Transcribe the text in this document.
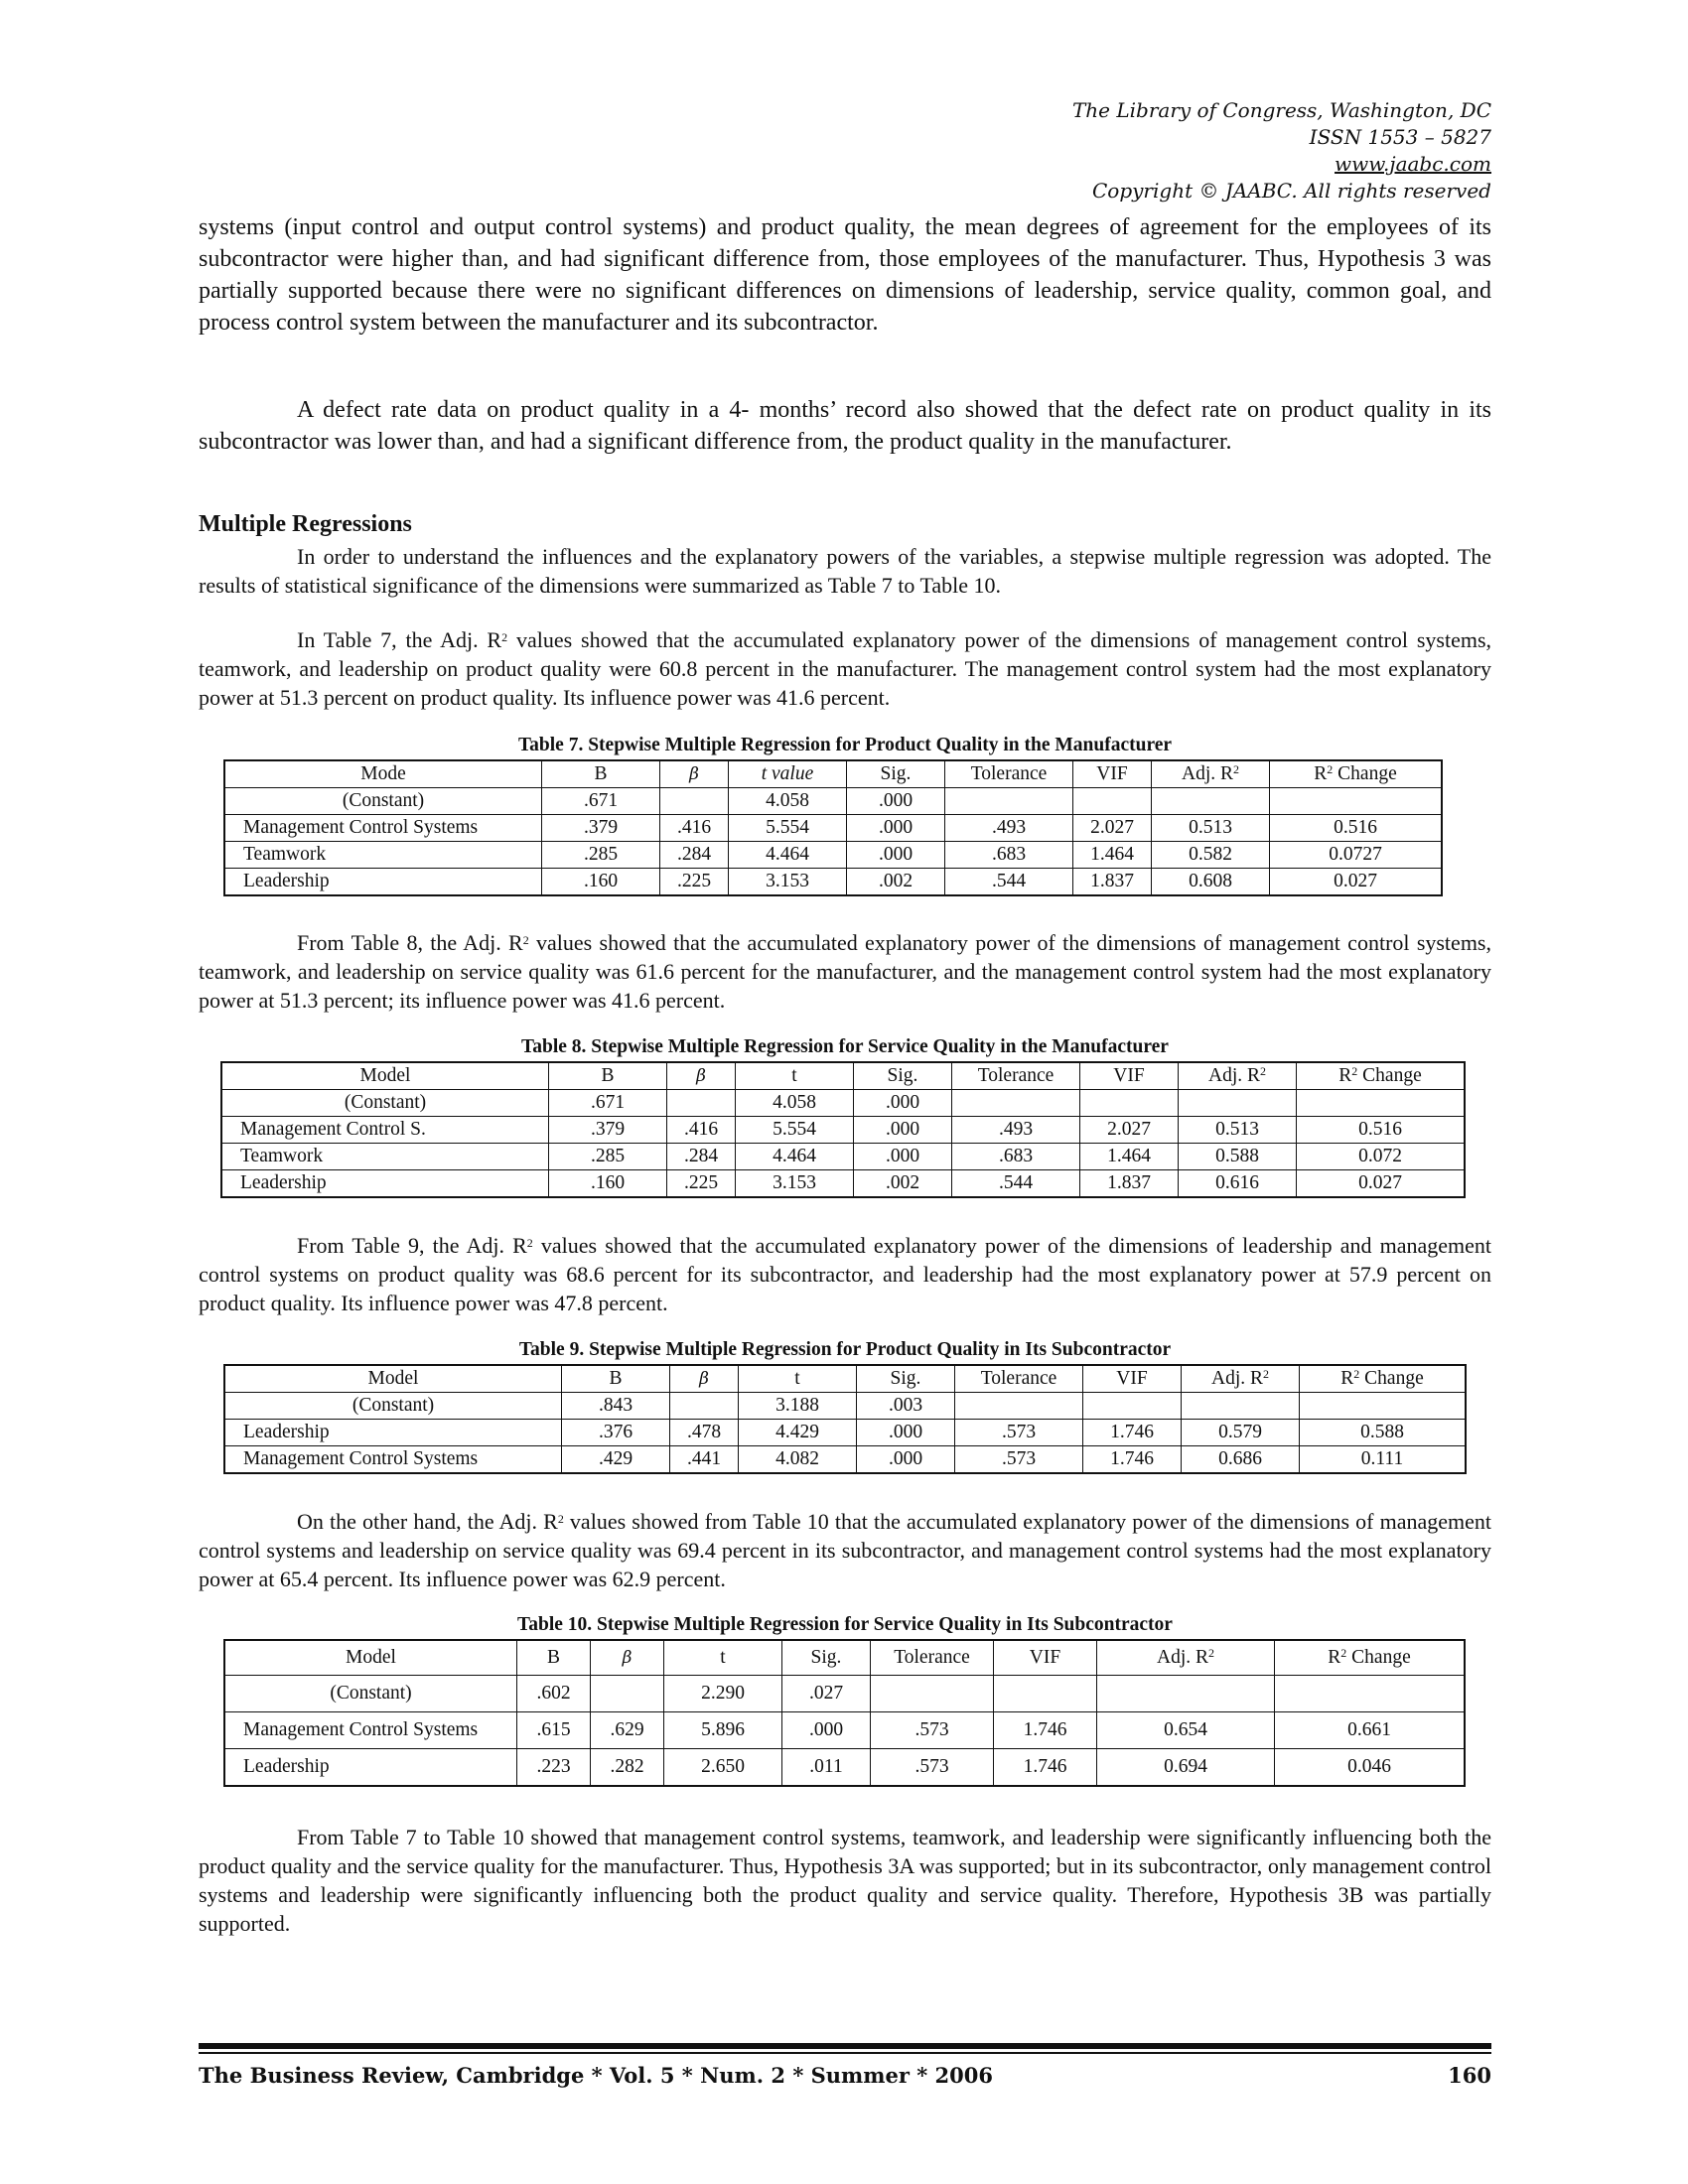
The Library of Congress, Washington, DC
ISSN 1553 – 5827
www.jaabc.com
Copyright © JAABC. All rights reserved
systems (input control and output control systems) and product quality, the mean degrees of agreement for the employees of its subcontractor were higher than, and had significant difference from, those employees of the manufacturer. Thus, Hypothesis 3 was partially supported because there were no significant differences on dimensions of leadership, service quality, common goal, and process control system between the manufacturer and its subcontractor.
A defect rate data on product quality in a 4- months’ record also showed that the defect rate on product quality in its subcontractor was lower than, and had a significant difference from, the product quality in the manufacturer.
Multiple Regressions
In order to understand the influences and the explanatory powers of the variables, a stepwise multiple regression was adopted. The results of statistical significance of the dimensions were summarized as Table 7 to Table 10.
In Table 7, the Adj. $R^2$ values showed that the accumulated explanatory power of the dimensions of management control systems, teamwork, and leadership on product quality were 60.8 percent in the manufacturer. The management control system had the most explanatory power at 51.3 percent on product quality. Its influence power was 41.6 percent.
Table 7. Stepwise Multiple Regression for Product Quality in the Manufacturer
Mode	B	β	t value	Sig.	Tolerance	VIF	Adj. $R^2$	$R^2$ Change
(Constant)	.671		4.058	.000				
Management Control Systems	.379	.416	5.554	.000	.493	2.027	0.513	0.516
Teamwork	.285	.284	4.464	.000	.683	1.464	0.582	0.0727
Leadership	.160	.225	3.153	.002	.544	1.837	0.608	0.027
From Table 8, the Adj. $R^2$ values showed that the accumulated explanatory power of the dimensions of management control systems, teamwork, and leadership on service quality was 61.6 percent for the manufacturer, and the management control system had the most explanatory power at 51.3 percent; its influence power was 41.6 percent.
Table 8. Stepwise Multiple Regression for Service Quality in the Manufacturer
Model	B	β	t	Sig.	Tolerance	VIF	Adj. $R^2$	$R^2$ Change
(Constant)	.671		4.058	.000				
Management Control S.	.379	.416	5.554	.000	.493	2.027	0.513	0.516
Teamwork	.285	.284	4.464	.000	.683	1.464	0.588	0.072
Leadership	.160	.225	3.153	.002	.544	1.837	0.616	0.027
From Table 9, the Adj. $R^2$ values showed that the accumulated explanatory power of the dimensions of leadership and management control systems on product quality was 68.6 percent for its subcontractor, and leadership had the most explanatory power at 57.9 percent on product quality. Its influence power was 47.8 percent.
Table 9. Stepwise Multiple Regression for Product Quality in Its Subcontractor
Model	B	β	t	Sig.	Tolerance	VIF	Adj. $R^2$	$R^2$ Change
(Constant)	.843		3.188	.003				
Leadership	.376	.478	4.429	.000	.573	1.746	0.579	0.588
Management Control Systems	.429	.441	4.082	.000	.573	1.746	0.686	0.111
On the other hand, the Adj. $R^2$ values showed from Table 10 that the accumulated explanatory power of the dimensions of management control systems and leadership on service quality was 69.4 percent in its subcontractor, and management control systems had the most explanatory power at 65.4 percent. Its influence power was 62.9 percent.
Table 10. Stepwise Multiple Regression for Service Quality in Its Subcontractor
Model	B	β	t	Sig.	Tolerance	VIF	Adj. $R^2$	$R^2$ Change
(Constant)	.602		2.290	.027				
Management Control Systems	.615	.629	5.896	.000	.573	1.746	0.654	0.661
Leadership	.223	.282	2.650	.011	.573	1.746	0.694	0.046
From Table 7 to Table 10 showed that management control systems, teamwork, and leadership were significantly influencing both the product quality and the service quality for the manufacturer. Thus, Hypothesis 3A was supported; but in its subcontractor, only management control systems and leadership were significantly influencing both the product quality and service quality. Therefore, Hypothesis 3B was partially supported.
The Business Review, Cambridge * Vol. 5 * Num. 2 * Summer * 2006	160
